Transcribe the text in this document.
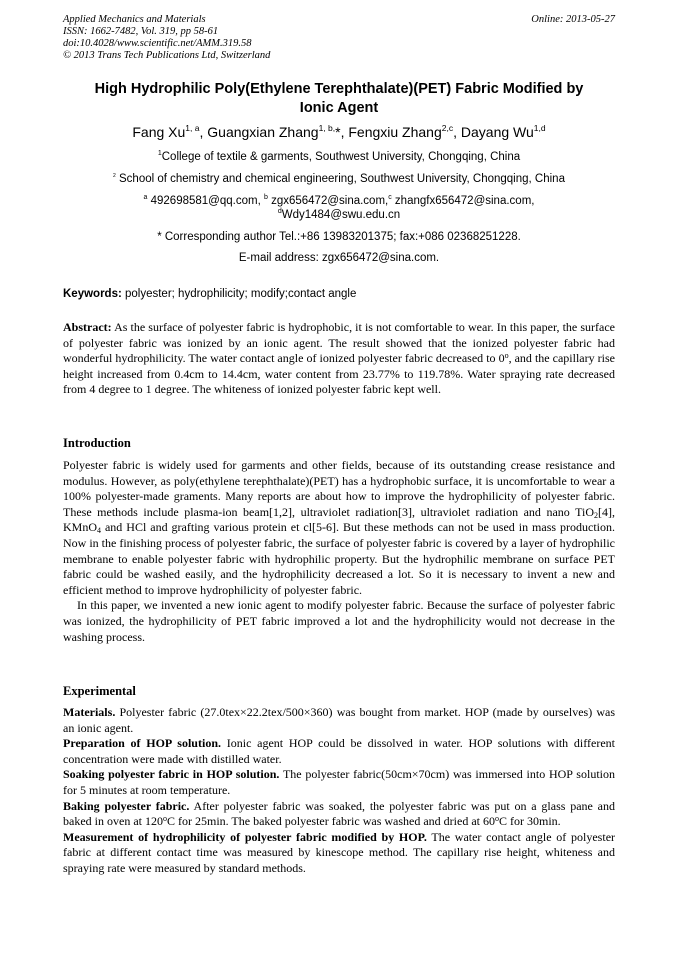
Applied Mechanics and Materials
ISSN: 1662-7482, Vol. 319, pp 58-61
doi:10.4028/www.scientific.net/AMM.319.58
© 2013 Trans Tech Publications Ltd, Switzerland
Online: 2013-05-27
High Hydrophilic Poly(Ethylene Terephthalate)(PET) Fabric Modified by
Ionic Agent
Fang Xu$^{1, a}$, Guangxian Zhang$^{1, b,}$*, Fengxiu Zhang$^{2,c}$, Dayang Wu$^{1,d}$
$^1$College of textile & garments, Southwest University, Chongqing, China
$^2$ School of chemistry and chemical engineering, Southwest University, Chongqing, China
$^a$ 492698581@qq.com, $^b$ zgx656472@sina.com,$^c$ zhangfx656472@sina.com,
$^d$Wdy1484@swu.edu.cn
* Corresponding author Tel.:+86 13983201375; fax:+086 02368251228.
E-mail address: zgx656472@sina.com.
Keywords: polyester; hydrophilicity; modify;contact angle
Abstract: As the surface of polyester fabric is hydrophobic, it is not comfortable to wear. In this paper, the surface of polyester fabric was ionized by an ionic agent. The result showed that the ionized polyester fabric had wonderful hydrophilicity. The water contact angle of ionized polyester fabric decreased to 0$^o$, and the capillary rise height increased from 0.4cm to 14.4cm, water content from 23.77% to 119.78%. Water spraying rate decreased from 4 degree to 1 degree. The whiteness of ionized polyester fabric kept well.
Introduction

Polyester fabric is widely used for garments and other fields, because of its outstanding crease resistance and modulus. However, as poly(ethylene terephthalate)(PET) has a hydrophobic surface, it is uncomfortable to wear a 100% polyester-made graments. Many reports are about how to improve the hydrophilicity of polyester fabric. These methods include plasma-ion beam[1,2], ultraviolet radiation[3], ultraviolet radiation and nano TiO$_2$[4], KMnO$_4$ and HCl and grafting various protein et cl[5-6]. But these methods can not be used in mass production. Now in the finishing process of polyester fabric, the surface of polyester fabric is covered by a layer of hydrophilic membrane to enable polyester fabric with hydrophilic property. But the hydrophilic membrane on surface PET fabric could be washed easily, and the hydrophilicity decreased a lot. So it is necessary to invent a new and efficient method to improve hydrophilicity of polyester fabric.

In this paper, we invented a new ionic agent to modify polyester fabric. Because the surface of polyester fabric was ionized, the hydrophilicity of PET fabric improved a lot and the hydrophilicity would not decrease in the washing process.

Experimental

Materials. Polyester fabric (27.0tex×22.2tex/500×360) was bought from market. HOP (made by ourselves) was an ionic agent.

Preparation of HOP solution. Ionic agent HOP could be dissolved in water. HOP solutions with different concentration were made with distilled water.

Soaking polyester fabric in HOP solution. The polyester fabric(50cm×70cm) was immersed into HOP solution for 5 minutes at room temperature.

Baking polyester fabric. After polyester fabric was soaked, the polyester fabric was put on a glass pane and baked in oven at 120$^o$C for 25min. The baked polyester fabric was washed and dried at 60$^o$C for 30min.

Measurement of hydrophilicity of polyester fabric modified by HOP. The water contact angle of polyester fabric at different contact time was measured by kinescope method. The capillary rise height, whiteness and spraying rate were measured by standard methods.
